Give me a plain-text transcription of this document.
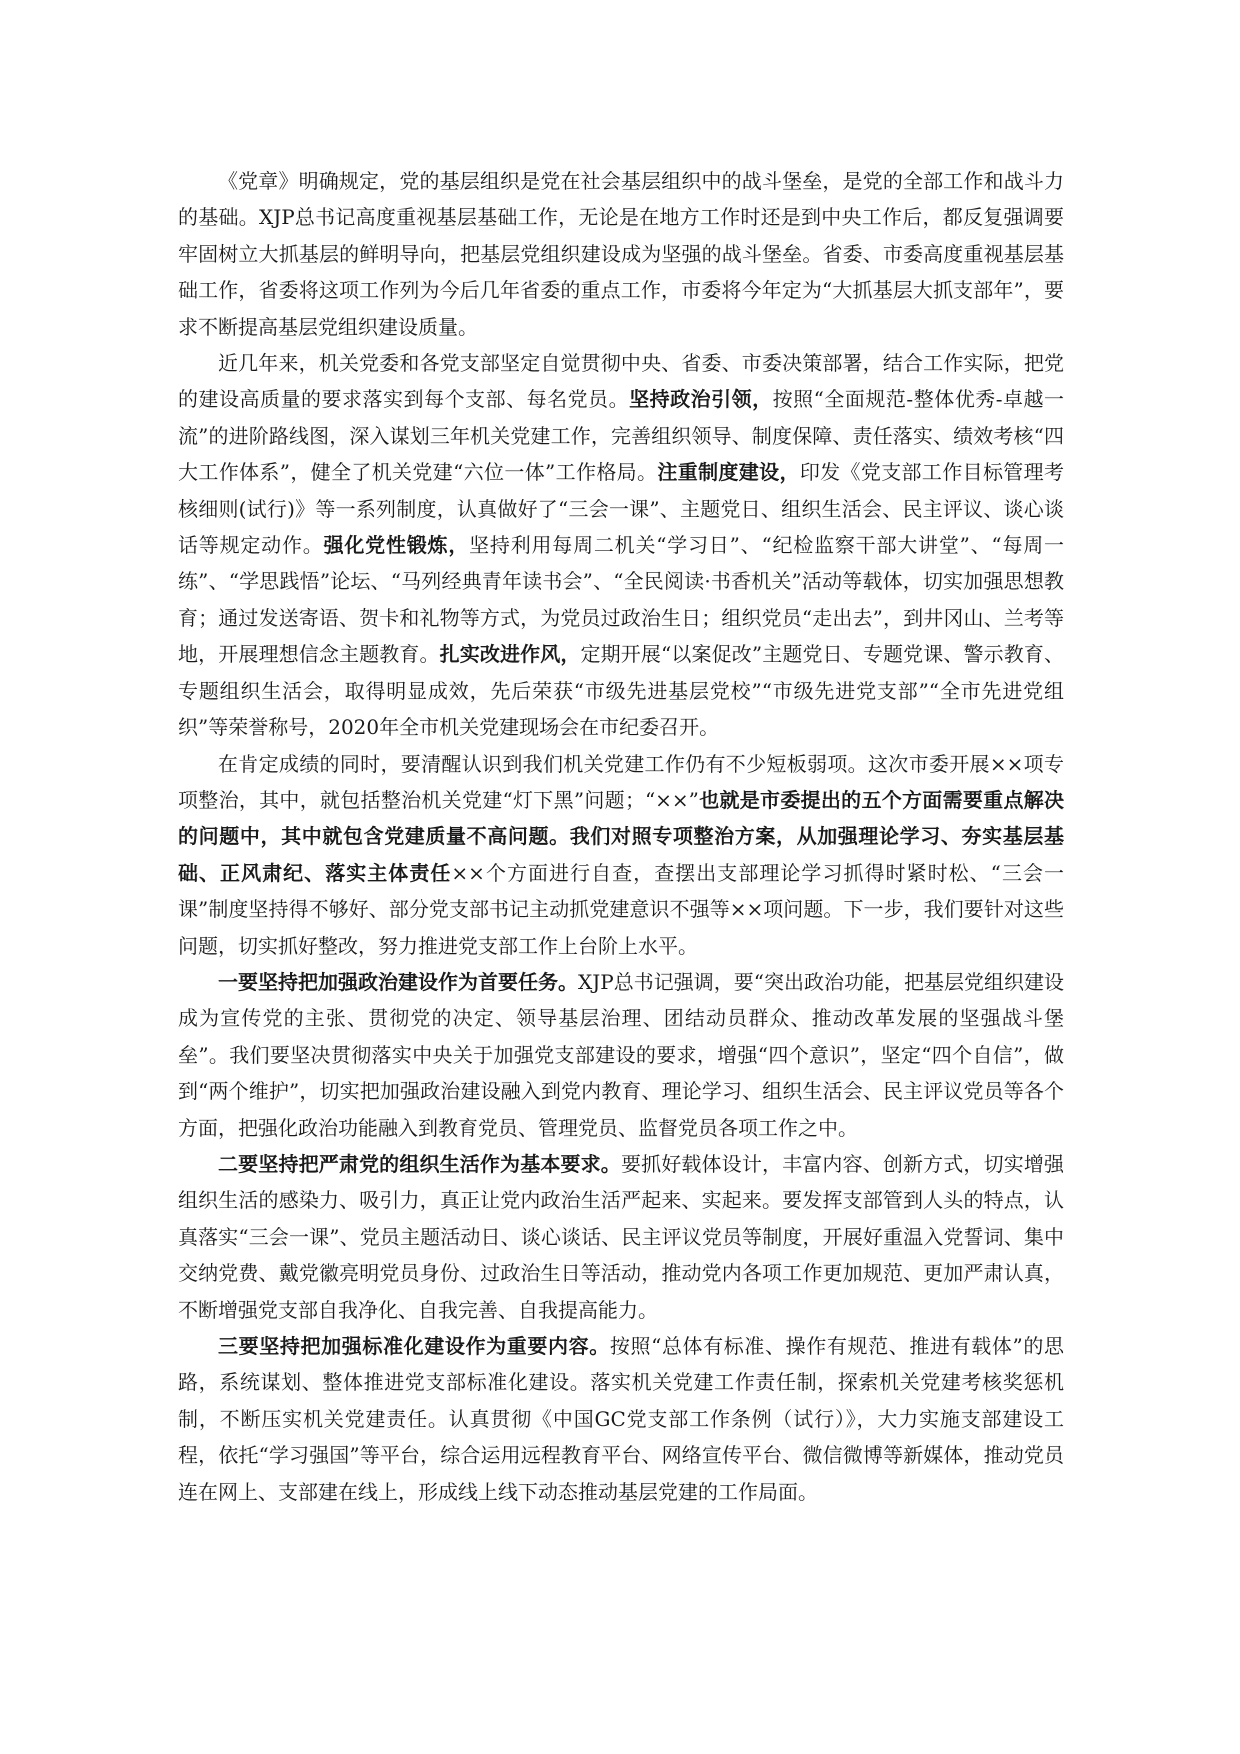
《党章》明确规定，党的基层组织是党在社会基层组织中的战斗堡垒，是党的全部工作和战斗力的基础。XJP总书记高度重视基层基础工作，无论是在地方工作时还是到中央工作后，都反复强调要牢固树立大抓基层的鲜明导向，把基层党组织建设成为坚强的战斗堡垒。省委、市委高度重视基层基础工作，省委将这项工作列为今后几年省委的重点工作，市委将今年定为“大抓基层大抓支部年”，要求不断提高基层党组织建设质量。

近几年来，机关党委和各党支部坚定自觉贯彻中央、省委、市委决策部署，结合工作实际，把党的建设高质量的要求落实到每个支部、每名党员。坚持政治引领，按照“全面规范-整体优秀-卓越一流”的进阶路线图，深入谋划三年机关党建工作，完善组织领导、制度保障、责任落实、绩效考核“四大工作体系”，健全了机关党建“六位一体”工作格局。注重制度建设，印发《党支部工作目标管理考核细则(试行)》等一系列制度，认真做好了“三会一课”、主题党日、组织生活会、民主评议、谈心谈话等规定动作。强化党性锻炼，坚持利用每周二机关“学习日”、“纪检监察干部大讲堂”、“每周一练”、“学思践悟”论坛、“马列经典青年读书会”、“全民阅读·书香机关”活动等载体，切实加强思想教育；通过发送寄语、贺卡和礼物等方式，为党员过政治生日；组织党员“走出去”，到井冈山、兰考等地，开展理想信念主题教育。扎实改进作风，定期开展“以案促改”主题党日、专题党课、警示教育、专题组织生活会，取得明显成效，先后荣获“市级先进基层党校”“市级先进党支部”“全市先进党组织”等荣誉称号，2020年全市机关党建现场会在市纪委召开。

在肯定成绩的同时，要清醒认识到我们机关党建工作仍有不少短板弱项。这次市委开展××项专项整治，其中，就包括整治机关党建“灯下黑”问题；“××”也就是市委提出的五个方面需要重点解决的问题中，其中就包含党建质量不高问题。我们对照专项整治方案，从加强理论学习、夯实基层基础、正风肃纪、落实主体责任××个方面进行自查，查摆出支部理论学习抓得时紧时松、“三会一课”制度坚持得不够好、部分党支部书记主动抓党建意识不强等××项问题。下一步，我们要针对这些问题，切实抓好整改，努力推进党支部工作上台阶上水平。

一要坚持把加强政治建设作为首要任务。XJP总书记强调，要“突出政治功能，把基层党组织建设成为宣传党的主张、贯彻党的决定、领导基层治理、团结动员群众、推动改革发展的坚强战斗堡垒”。我们要坚决贯彻落实中央关于加强党支部建设的要求，增强“四个意识”，坚定“四个自信”，做到“两个维护”，切实把加强政治建设融入到党内教育、理论学习、组织生活会、民主评议党员等各个方面，把强化政治功能融入到教育党员、管理党员、监督党员各项工作之中。

二要坚持把严肃党的组织生活作为基本要求。要抓好载体设计，丰富内容、创新方式，切实增强组织生活的感染力、吸引力，真正让党内政治生活严起来、实起来。要发挥支部管到人头的特点，认真落实“三会一课”、党员主题活动日、谈心谈话、民主评议党员等制度，开展好重温入党誓词、集中交纳党费、戴党徽亮明党员身份、过政治生日等活动，推动党内各项工作更加规范、更加严肃认真，不断增强党支部自我净化、自我完善、自我提高能力。

三要坚持把加强标准化建设作为重要内容。按照“总体有标准、操作有规范、推进有载体”的思路，系统谋划、整体推进党支部标准化建设。落实机关党建工作责任制，探索机关党建考核奖惩机制，不断压实机关党建责任。认真贯彻《中国GC党支部工作条例（试行）》，大力实施支部建设工程，依托“学习强国”等平台，综合运用远程教育平台、网络宣传平台、微信微博等新媒体，推动党员连在网上、支部建在线上，形成线上线下动态推动基层党建的工作局面。
